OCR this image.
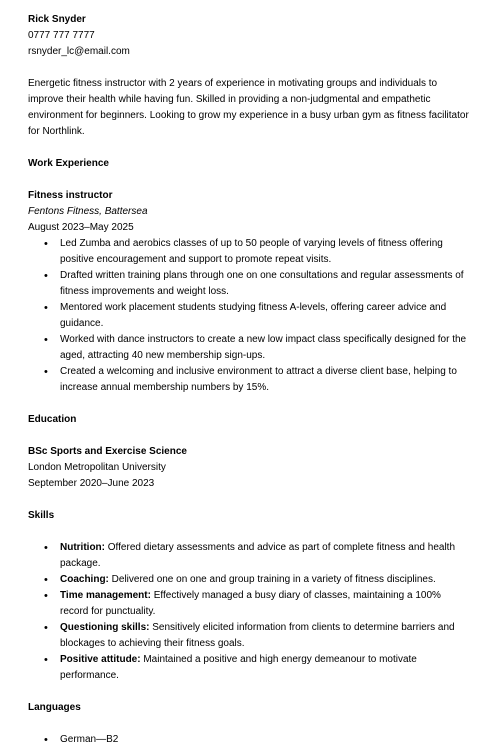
Rick Snyder

0777 777 7777

rsnyder_lc@email.com

Energetic fitness instructor with 2 years of experience in motivating groups and individuals to improve their health while having fun. Skilled in providing a non-judgmental and empathetic environment for beginners. Looking to grow my experience in a busy urban gym as fitness facilitator for Northlink.

Work Experience

Fitness instructor

Fentons Fitness, Battersea

August 2023–May 2025

• Led Zumba and aerobics classes of up to 50 people of varying levels of fitness offering positive encouragement and support to promote repeat visits.
• Drafted written training plans through one on one consultations and regular assessments of fitness improvements and weight loss.
• Mentored work placement students studying fitness A-levels, offering career advice and guidance.
• Worked with dance instructors to create a new low impact class specifically designed for the aged, attracting 40 new membership sign-ups.
• Created a welcoming and inclusive environment to attract a diverse client base, helping to increase annual membership numbers by 15%.

Education

BSc Sports and Exercise Science

London Metropolitan University

September 2020–June 2023

Skills

• Nutrition: Offered dietary assessments and advice as part of complete fitness and health package.
• Coaching: Delivered one on one and group training in a variety of fitness disciplines.
• Time management: Effectively managed a busy diary of classes, maintaining a 100% record for punctuality.
• Questioning skills: Sensitively elicited information from clients to determine barriers and blockages to achieving their fitness goals.
• Positive attitude: Maintained a positive and high energy demeanour to motivate performance.

Languages

• German—B2
